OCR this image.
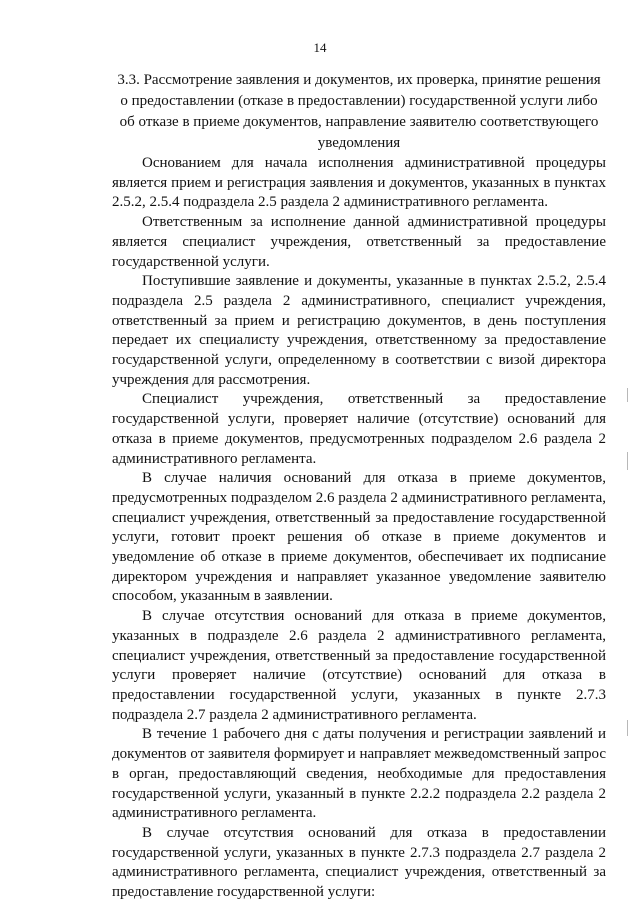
14
3.3. Рассмотрение заявления и документов, их проверка, принятие решения о предоставлении (отказе в предоставлении) государственной услуги либо об отказе в приеме документов, направление заявителю соответствующего уведомления

Основанием для начала исполнения административной процедуры является прием и регистрация заявления и документов, указанных в пунктах 2.5.2, 2.5.4 подраздела 2.5 раздела 2 административного регламента.

Ответственным за исполнение данной административной процедуры является специалист учреждения, ответственный за предоставление государственной услуги.

Поступившие заявление и документы, указанные в пунктах 2.5.2, 2.5.4 подраздела 2.5 раздела 2 административного, специалист учреждения, ответственный за прием и регистрацию документов, в день поступления передает их специалисту учреждения, ответственному за предоставление государственной услуги, определенному в соответствии с визой директора учреждения для рассмотрения.

Специалист учреждения, ответственный за предоставление государственной услуги, проверяет наличие (отсутствие) оснований для отказа в приеме документов, предусмотренных подразделом 2.6 раздела 2 административного регламента.

В случае наличия оснований для отказа в приеме документов, предусмотренных подразделом 2.6 раздела 2 административного регламента, специалист учреждения, ответственный за предоставление государственной услуги, готовит проект решения об отказе в приеме документов и уведомление об отказе в приеме документов, обеспечивает их подписание директором учреждения и направляет указанное уведомление заявителю способом, указанным в заявлении.

В случае отсутствия оснований для отказа в приеме документов, указанных в подразделе 2.6 раздела 2 административного регламента, специалист учреждения, ответственный за предоставление государственной услуги проверяет наличие (отсутствие) оснований для отказа в предоставлении государственной услуги, указанных в пункте 2.7.3 подраздела 2.7 раздела 2 административного регламента.

В течение 1 рабочего дня с даты получения и регистрации заявлений и документов от заявителя формирует и направляет межведомственный запрос в орган, предоставляющий сведения, необходимые для предоставления государственной услуги, указанный в пункте 2.2.2 подраздела 2.2 раздела 2 административного регламента.

В случае отсутствия оснований для отказа в предоставлении государственной услуги, указанных в пункте 2.7.3 подраздела 2.7 раздела 2 административного регламента, специалист учреждения, ответственный за предоставление государственной услуги:
